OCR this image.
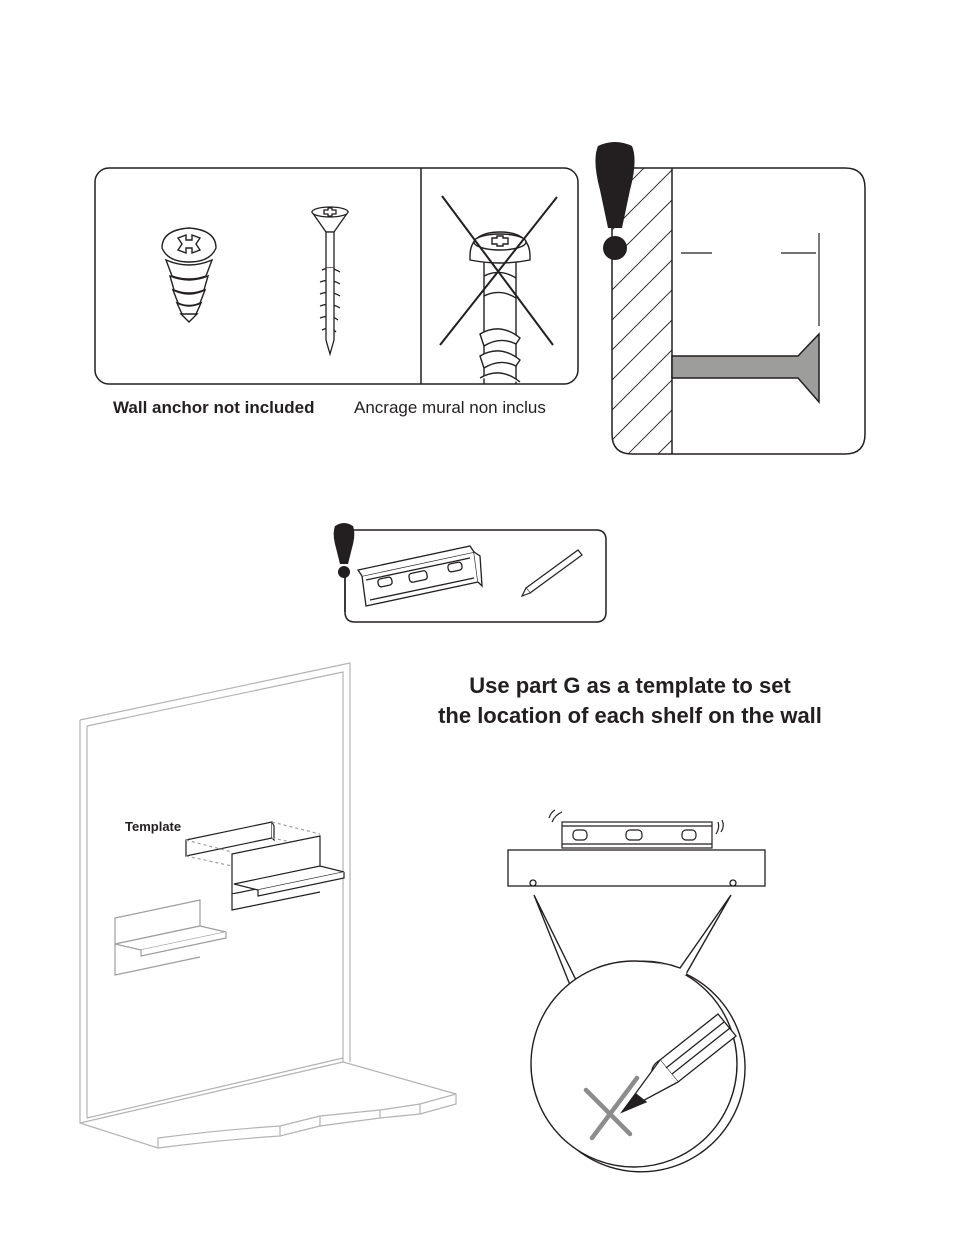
Wall anchor not included Ancrage mural non inclus
Use part G as a template to set
the location of each shelf on the wall
Template
